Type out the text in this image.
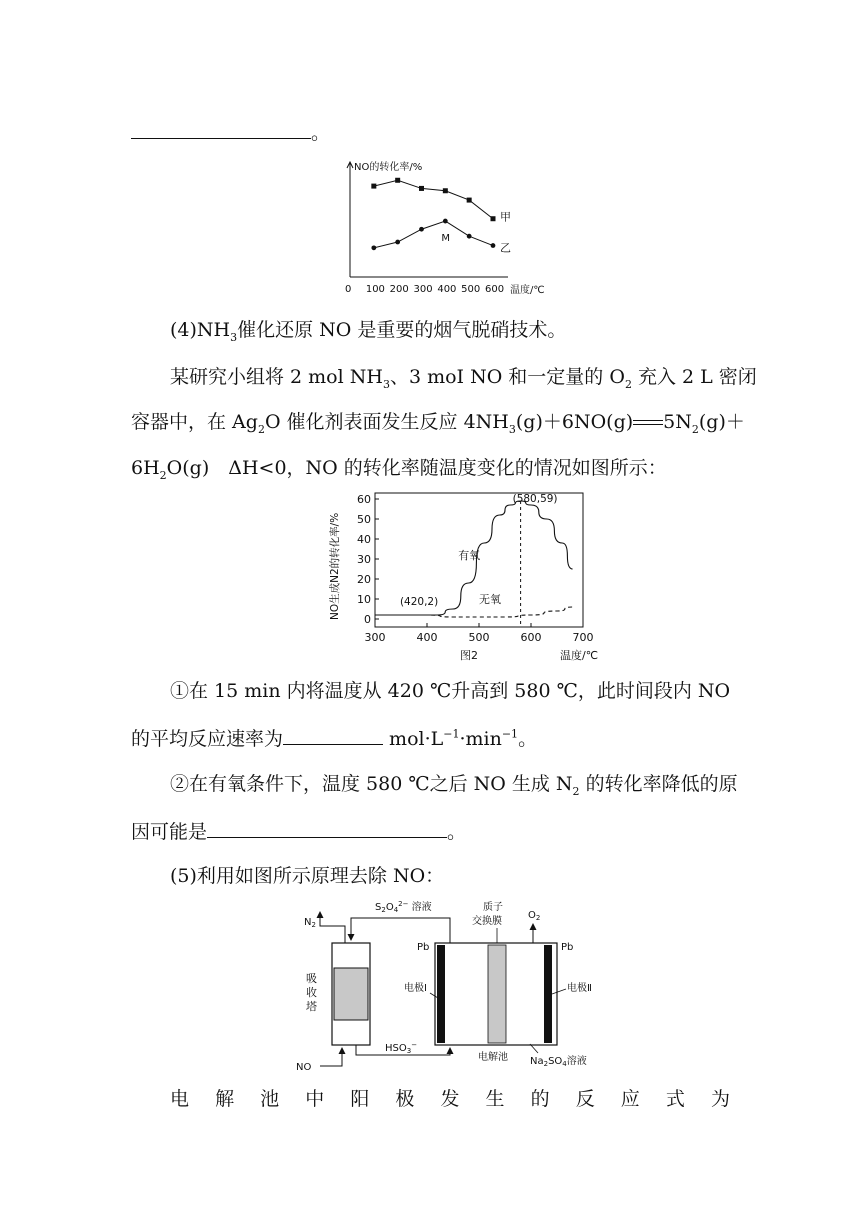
。
NO的转化率/%
0 100 200 300 400 500 600 温度/℃
甲
乙
M
$(4)NH_3$催化还原 NO 是重要的烟气脱硝技术。
某研究小组将 2 mol $NH_3$、3 moI NO 和一定量的 $O_2$ 充入 2 L 密闭
容器中，在 $Ag_2O$ 催化剂表面发生反应 $4NH_3(g)+6NO(g)$ $5N_2(g)+$
$6H_2O(g)$　ΔH<0，NO 的转化率随温度变化的情况如图所示：
0
10
20
30
40
50
60
300	400	500	600	700
NO生成N2的转化率/%
温度/℃
图2
有氧
无氧
(580,59)
(420,2)
①在 15 min 内将温度从 420 ℃升高到 580 ℃，此时间段内 NO
的平均反应速率为	$mol\cdot L^{-1}\cdot\min^{-1}$。
②在有氧条件下，温度 580 ℃之后 NO 生成 $N_2$ 的转化率降低的原
因可能是	。
(5)利用如图所示原理去除 NO：
吸
收
塔
$S_2O_4^{2-}$ 溶液
$N_2$
NO
$HSO_3^-$
$O_2$
质子
交换膜
Pb	Pb
电极Ⅰ	电极Ⅱ
电解池 $Na_2SO_4$溶液
电 解 池 中 阳 极 发 生 的 反 应 式 为
